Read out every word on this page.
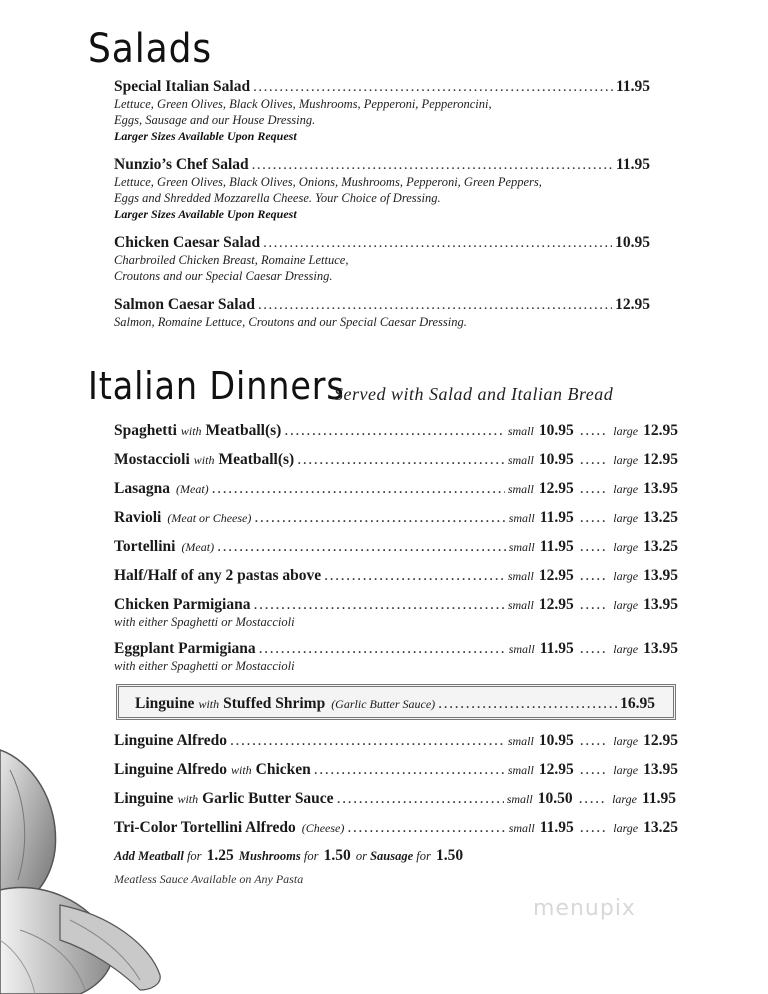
Salads
Special Italian Salad .....	11.95
Lettuce, Green Olives, Black Olives, Mushrooms, Pepperoni, Pepperoncini,
Eggs, Sausage and our House Dressing.
Larger Sizes Available Upon Request
Nunzio’s Chef Salad .....	11.95
Lettuce, Green Olives, Black Olives, Onions, Mushrooms, Pepperoni, Green Peppers,
Eggs and Shredded Mozzarella Cheese. Your Choice of Dressing.
Larger Sizes Available Upon Request
Chicken Caesar Salad .....	10.95
Charbroiled Chicken Breast, Romaine Lettuce,
Croutons and our Special Caesar Dressing.
Salmon Caesar Salad .....	12.95
Salmon, Romaine Lettuce, Croutons and our Special Caesar Dressing.
Italian Dinners
Served with Salad and Italian Bread
Spaghetti with Meatball(s) .....	small 10.95 ..... large 12.95
Mostaccioli with Meatball(s) .....	small 10.95 ..... large 12.95
Lasagna (Meat) .....	small 12.95 ..... large 13.95
Ravioli (Meat or Cheese) .....	small 11.95 ..... large 13.25
Tortellini (Meat) .....	small 11.95 ..... large 13.25
Half/Half of any 2 pastas above .....	small 12.95 ..... large 13.95
Chicken Parmigiana .....	small 12.95 ..... large 13.95
with either Spaghetti or Mostaccioli
Eggplant Parmigiana .....	small 11.95 ..... large 13.95
with either Spaghetti or Mostaccioli
Linguine with Stuffed Shrimp (Garlic Butter Sauce) .....	16.95
Linguine Alfredo .....	small 10.95 ..... large 12.95
Linguine Alfredo with Chicken .....	small 12.95 ..... large 13.95
Linguine with Garlic Butter Sauce .....	small 10.50 ..... large 11.95
Tri-Color Tortellini Alfredo (Cheese) .....	small 11.95 ..... large 13.25
Add Meatball for 1.25 Mushrooms for 1.50 or Sausage for 1.50
Meatless Sauce Available on Any Pasta
menupix
